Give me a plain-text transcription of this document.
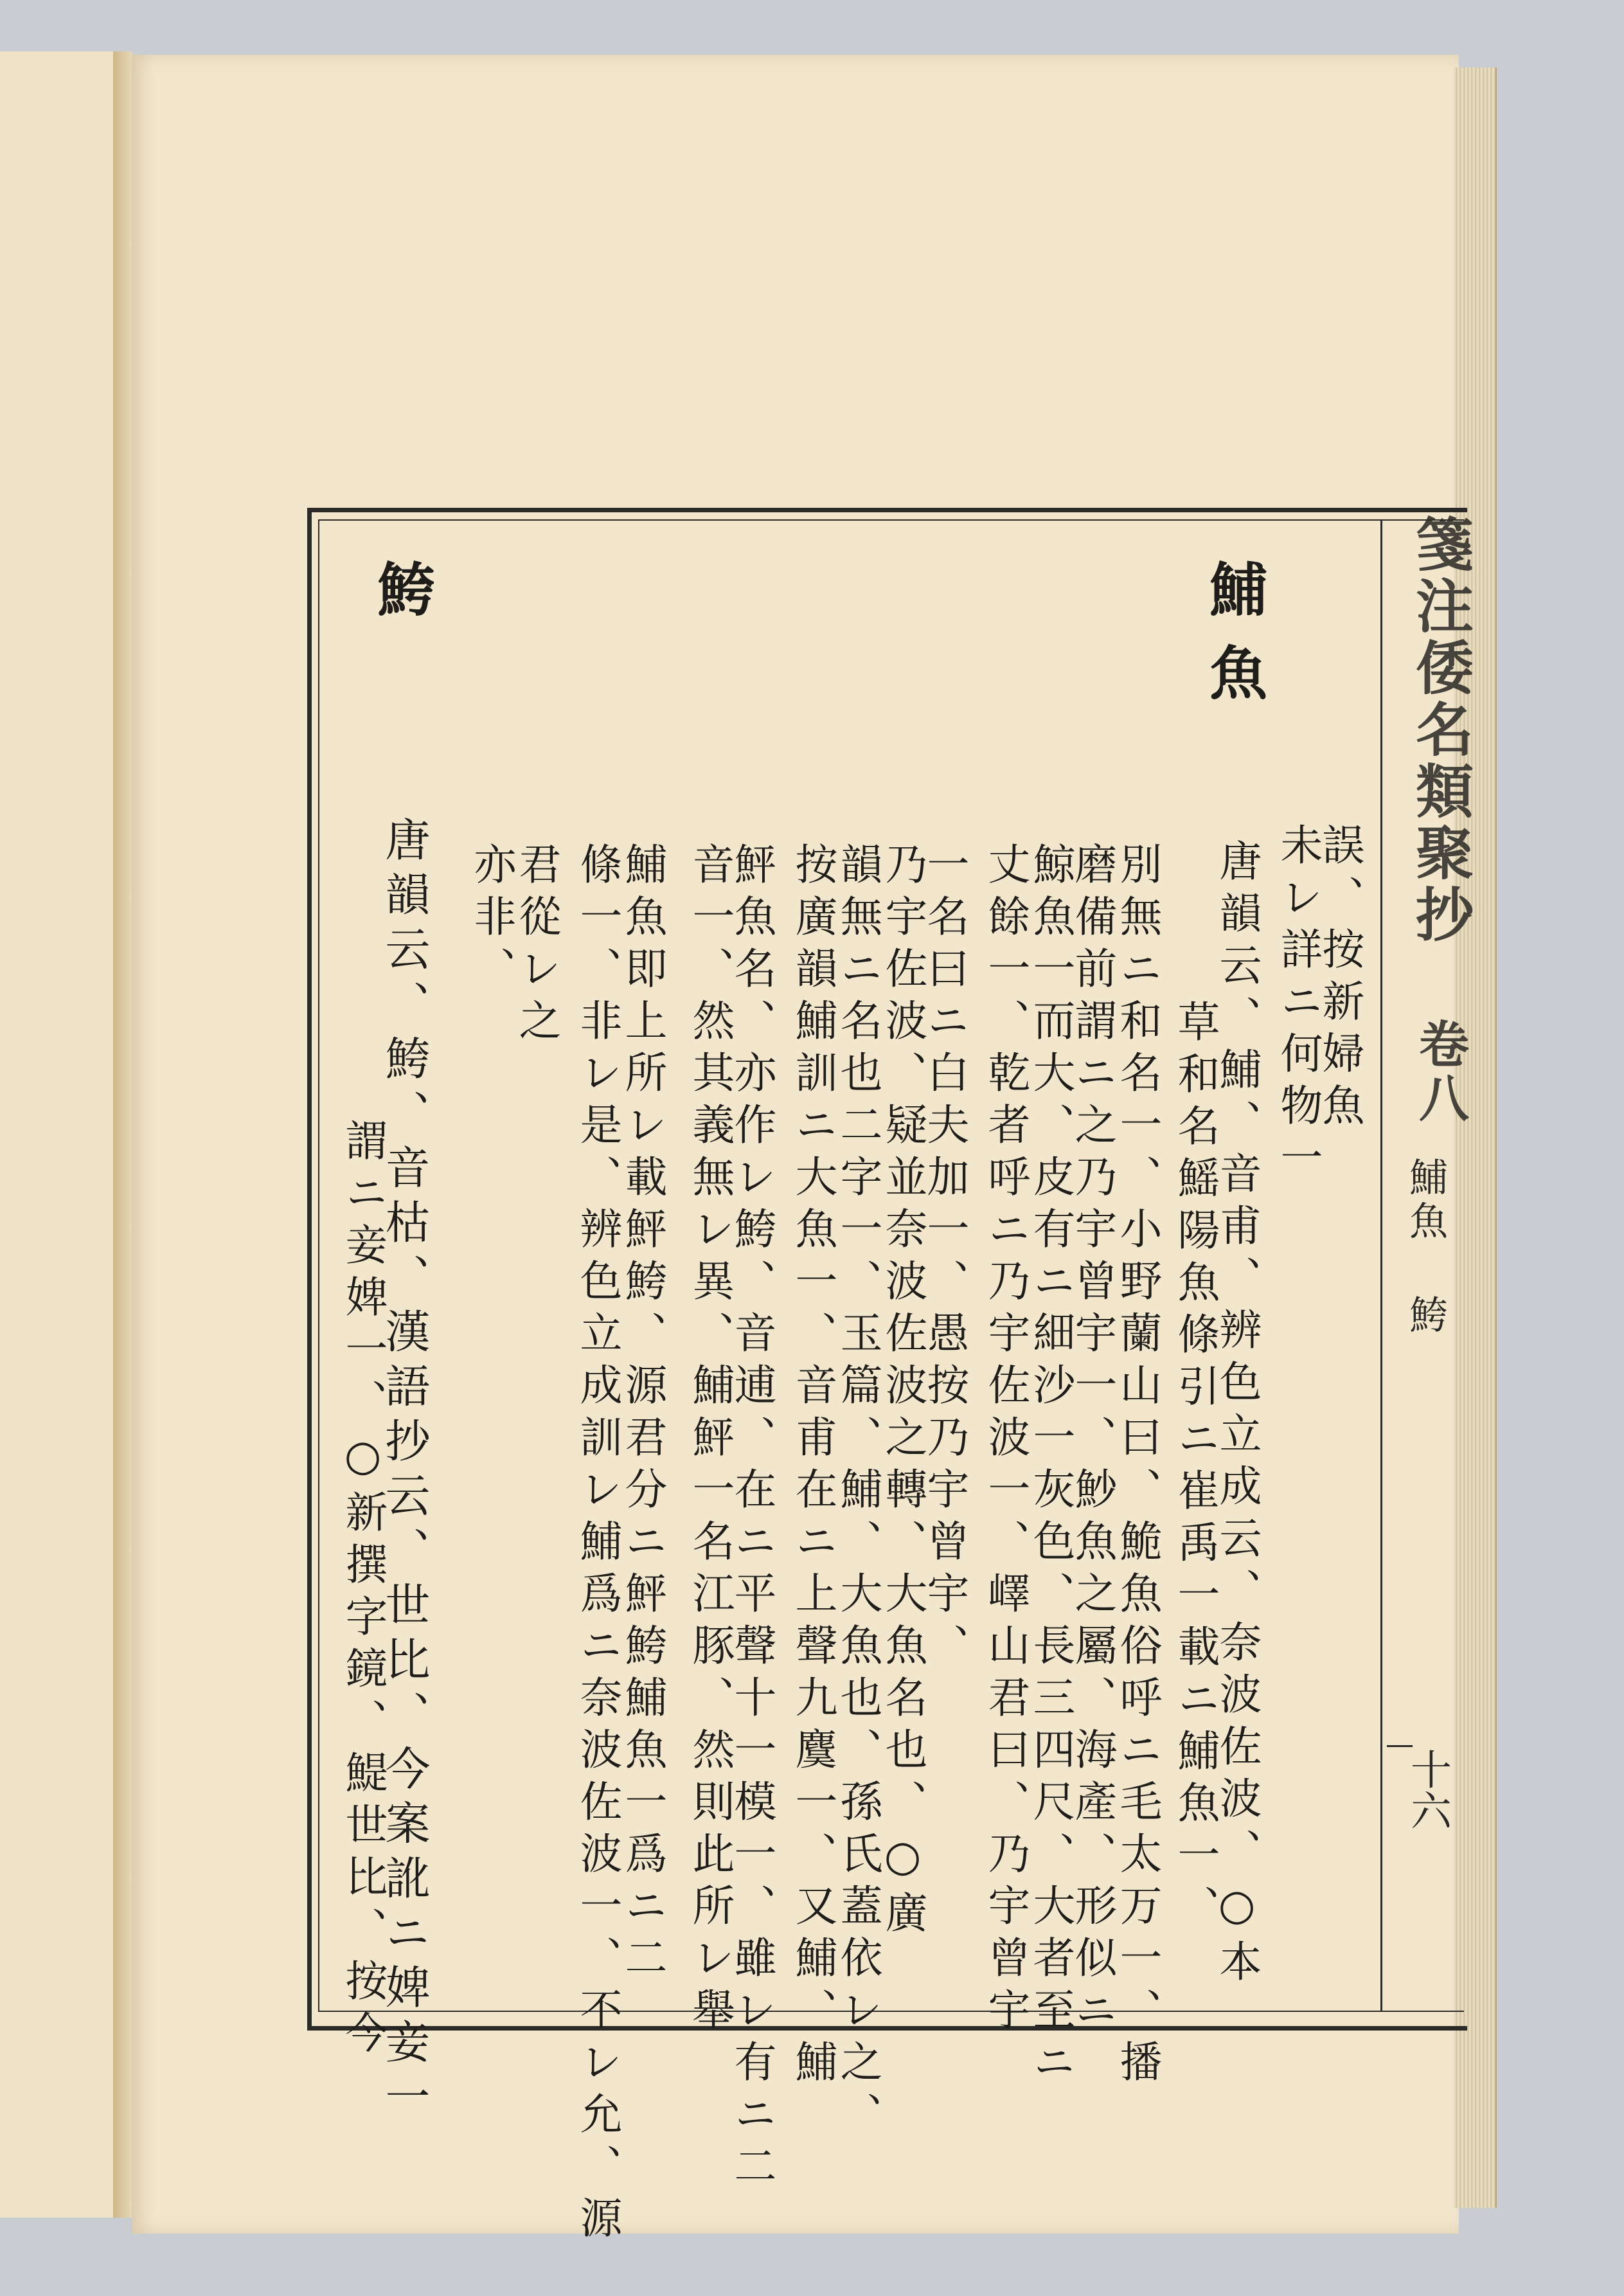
箋注倭名類聚抄 卷八
鯆魚 鮬
十六
鯆魚
鮬
誤、按新婦魚
未レ詳ニ何物一
唐韻云、鯆、音甫、辨色立成云、奈波佐波、○本
草和名鰩陽魚條引ニ崔禹一載ニ鯆魚一、
別無ニ和名一、小野蘭山曰、鮠魚俗呼ニ毛太万一、播
磨備前謂ニ之乃宇曾宇一、魦魚之屬、海產、形似ニ
鯨魚一而大、皮有ニ細沙一灰色、長三四尺、大者至ニ
丈餘一、乾者呼ニ乃宇佐波一、嶧山君曰、乃宇曾宇
一名曰ニ白夫加一、愚按乃宇曾宇、
乃宇佐波、疑並奈波佐波之轉、大魚名也、○廣
韻無ニ名也二字一、玉篇、鯆、大魚也、孫氏蓋依レ之、
按廣韻鯆訓ニ大魚一、音甫在ニ上聲九麌一、又鯆、鯆
鮃魚名、亦作レ鮬、音逋、在ニ平聲十一模一、雖レ有ニ二
音一、然其義無レ異、鯆鮃一名江豚、然則此所レ舉
鯆魚即上所レ載鮃鮬、源君分ニ鮃鮬鯆魚一爲ニ二
條一、非レ是、辨色立成訓レ鯆爲ニ奈波佐波一、不レ允、源
君從レ之
亦非、
唐韻云、鮬、音枯、漢語抄云、世比、今案訛ニ婢妾一
謂ニ妾婢一、○新撰字鏡、鯷世比、按今
